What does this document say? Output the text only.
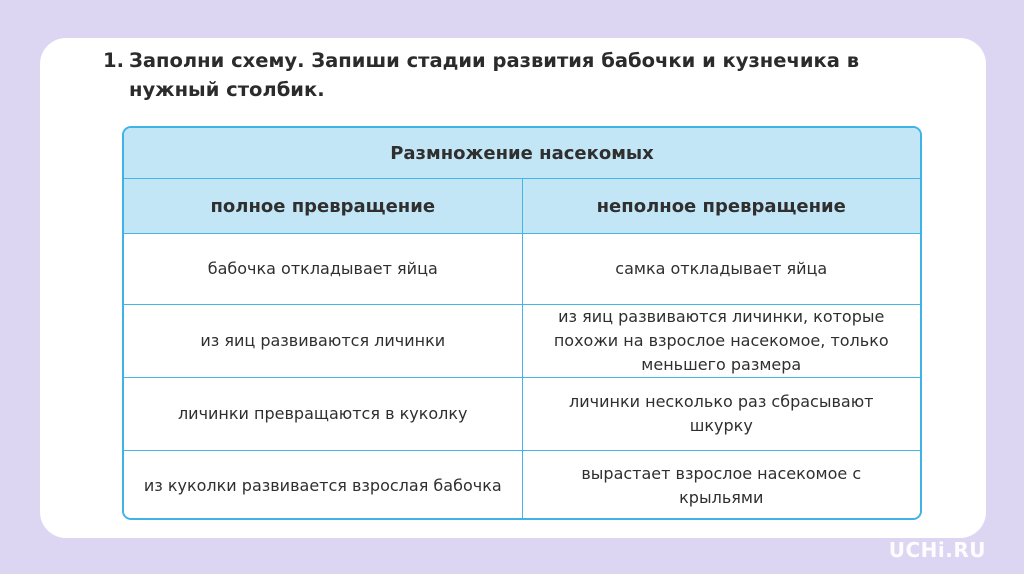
1. Заполни схему. Запиши стадии развития бабочки и кузнечика в нужный столбик.
Размножение насекомых	
полное превращение	неполное превращение
бабочка откладывает яйца	самка откладывает яйца
из яиц развиваются личинки	из яиц развиваются личинки, которые похожи на взрослое насекомое, только меньшего размера
личинки превращаются в куколку	личинки несколько раз сбрасывают шкурку
из куколки развивается взрослая бабочка	вырастает взрослое насекомое с крыльями
UCHi.RU
